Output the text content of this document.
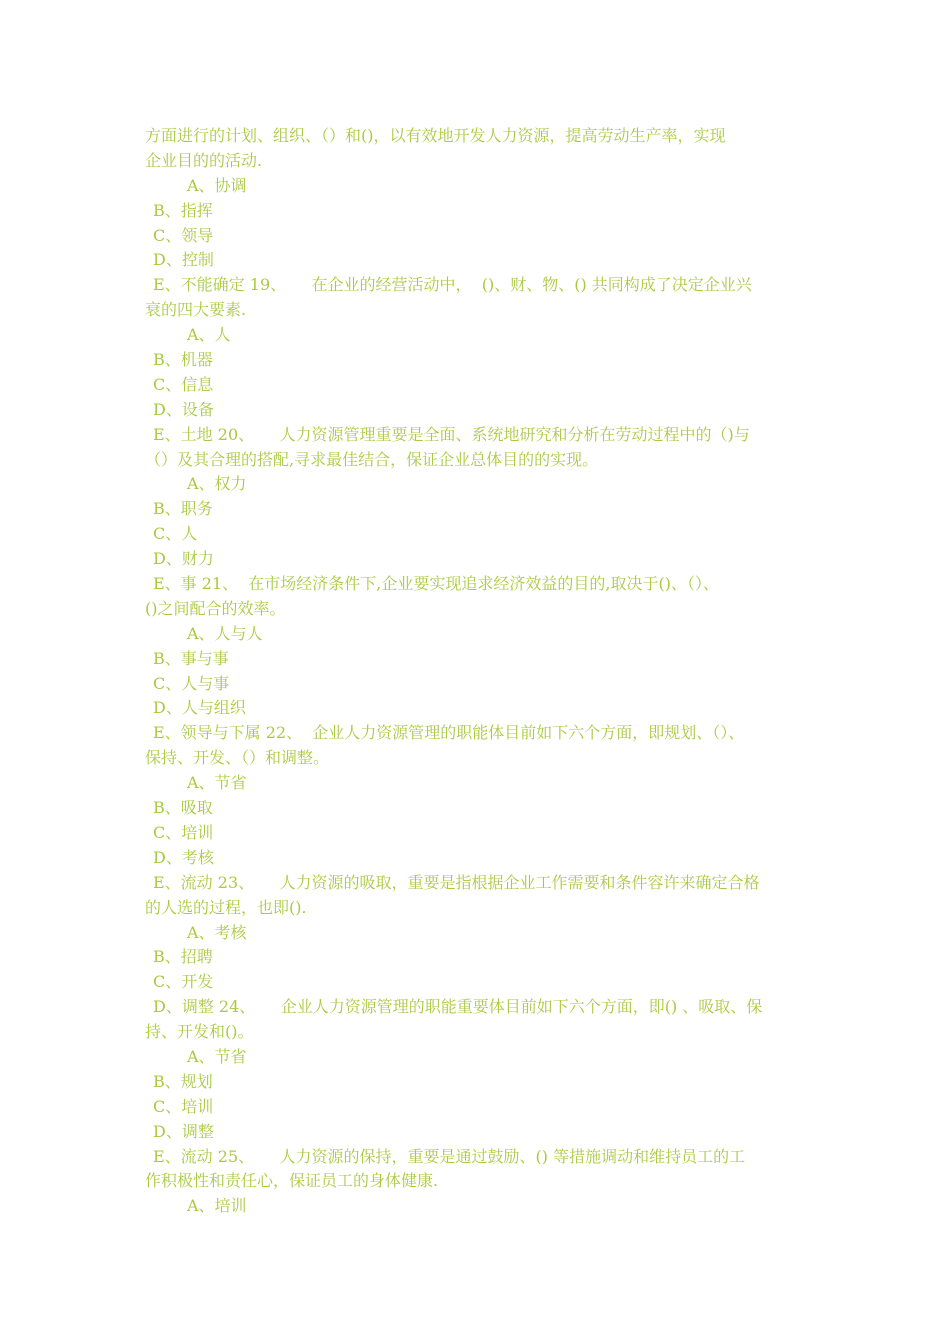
方面进行的计划、组织、（）和()，以有效地开发人力资源，提高劳动生产率，实现
企业目的的活动.
A、协调
B、指挥
C、领导
D、控制
E、不能确定 19、     在企业的经营活动中，  ()、财、物、() 共同构成了决定企业兴
衰的四大要素.
A、人
B、机器
C、信息
D、设备
E、土地 20、     人力资源管理重要是全面、系统地研究和分析在劳动过程中的（)与
（）及其合理的搭配,寻求最佳结合，保证企业总体目的的实现。
A、权力
B、职务
C、人
D、财力
E、事 21、  在市场经济条件下,企业要实现追求经济效益的目的,取决于()、（）、
()之间配合的效率。
A、人与人
B、事与事
C、人与事
D、人与组织
E、领导与下属 22、  企业人力资源管理的职能体目前如下六个方面，即规划、（）、
保持、开发、（）和调整。
A、节省
B、吸取
C、培训
D、考核
E、流动 23、     人力资源的吸取，重要是指根据企业工作需要和条件容许来确定合格
的人选的过程，也即().
A、考核
B、招聘
C、开发
D、调整 24、     企业人力资源管理的职能重要体目前如下六个方面，即() 、吸取、保
持、开发和()。
A、节省
B、规划
C、培训
D、调整
E、流动 25、     人力资源的保持，重要是通过鼓励、() 等措施调动和维持员工的工
作积极性和责任心，保证员工的身体健康.
A、培训
